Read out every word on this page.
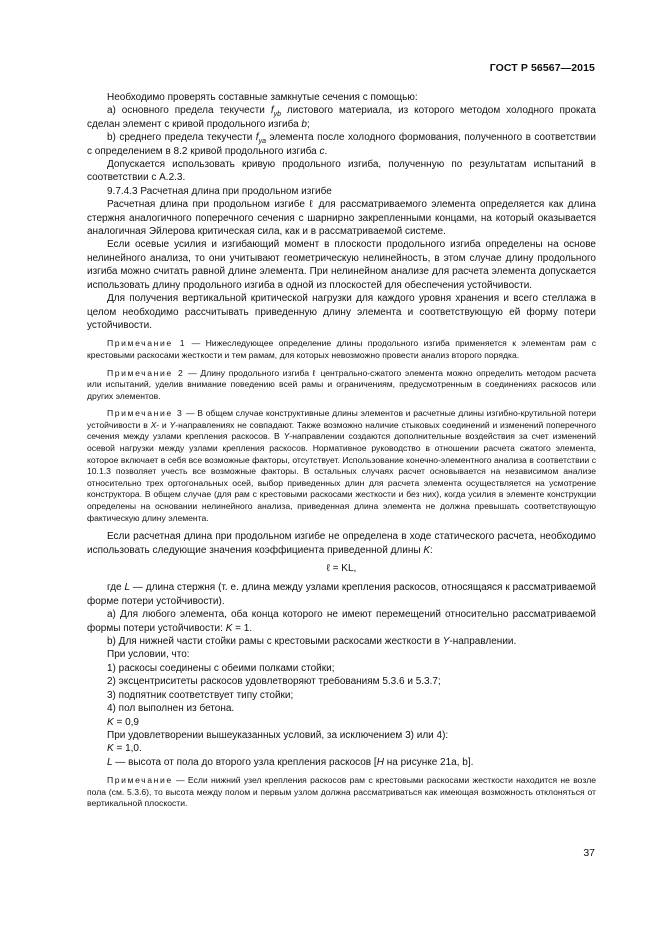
ГОСТ Р 56567—2015

Необходимо проверять составные замкнутые сечения с помощью:

a) основного предела текучести $f_{yb}$ листового материала, из которого методом холодного проката сделан элемент с кривой продольного изгиба b;

b) среднего предела текучести $f_{ya}$ элемента после холодного формования, полученного в соответствии с определением в 8.2 кривой продольного изгиба c.

Допускается использовать кривую продольного изгиба, полученную по результатам испытаний в соответствии с А.2.3.

9.7.4.3 Расчетная длина при продольном изгибе

Расчетная длина при продольном изгибе ℓ для рассматриваемого элемента определяется как длина стержня аналогичного поперечного сечения с шарнирно закрепленными концами, на который оказывается аналогичная Эйлерова критическая сила, как и в рассматриваемой системе.

Если осевые усилия и изгибающий момент в плоскости продольного изгиба определены на основе нелинейного анализа, то они учитывают геометрическую нелинейность, в этом случае длину продольного изгиба можно считать равной длине элемента. При нелинейном анализе для расчета элемента допускается использовать длину продольного изгиба в одной из плоскостей для обеспечения устойчивости.

Для получения вертикальной критической нагрузки для каждого уровня хранения и всего стеллажа в целом необходимо рассчитывать приведенную длину элемента и соответствующую ей форму потери устойчивости.

Примечание 1 — Нижеследующее определение длины продольного изгиба применяется к элементам рам с крестовыми раскосами жесткости и тем рамам, для которых невозможно провести анализ второго порядка.

Примечание 2 — Длину продольного изгиба ℓ центрально-сжатого элемента можно определить методом расчета или испытаний, уделив внимание поведению всей рамы и ограничениям, предусмотренным в соединениях раскосов или других элементов.

Примечание 3 — В общем случае конструктивные длины элементов и расчетные длины изгибно-крутильной потери устойчивости в X- и Y-направлениях не совпадают. Также возможно наличие стыковых соединений и изменений поперечного сечения между узлами крепления раскосов. В Y-направлении создаются дополнительные воздействия за счет изменений осевой нагрузки между узлами крепления раскосов. Нормативное руководство в отношении расчета сжатого элемента, которое включает в себя все возможные факторы, отсутствует. Использование конечно-элементного анализа в соответствии с 10.1.3 позволяет учесть все возможные факторы. В остальных случаях расчет основывается на независимом анализе относительно трех ортогональных осей, выбор приведенных длин для расчета элемента осуществляется на усмотрение конструктора. В общем случае (для рам с крестовыми раскосами жесткости и без них), когда усилия в элементе конструкции определены на основании нелинейного анализа, приведенная длина элемента не должна превышать соответствующую фактическую длину элемента.

Если расчетная длина при продольном изгибе не определена в ходе статического расчета, необходимо использовать следующие значения коэффициента приведенной длины K:

ℓ = KL,

где L — длина стержня (т. е. длина между узлами крепления раскосов, относящаяся к рассматриваемой форме потери устойчивости).

a) Для любого элемента, оба конца которого не имеют перемещений относительно рассматриваемой формы потери устойчивости: K = 1.

b) Для нижней части стойки рамы с крестовыми раскосами жесткости в Y-направлении.

При условии, что:

1) раскосы соединены с обеими полками стойки;

2) эксцентриситеты раскосов удовлетворяют требованиям 5.3.6 и 5.3.7;

3) подпятник соответствует типу стойки;

4) пол выполнен из бетона.

K = 0,9

При удовлетворении вышеуказанных условий, за исключением 3) или 4):

K = 1,0.

L — высота от пола до второго узла крепления раскосов [H на рисунке 21а, b].

Примечание — Если нижний узел крепления раскосов рам с крестовыми раскосами жесткости находится не возле пола (см. 5.3.6), то высота между полом и первым узлом должна рассматриваться как имеющая возможность отклоняться от вертикальной плоскости.

37
